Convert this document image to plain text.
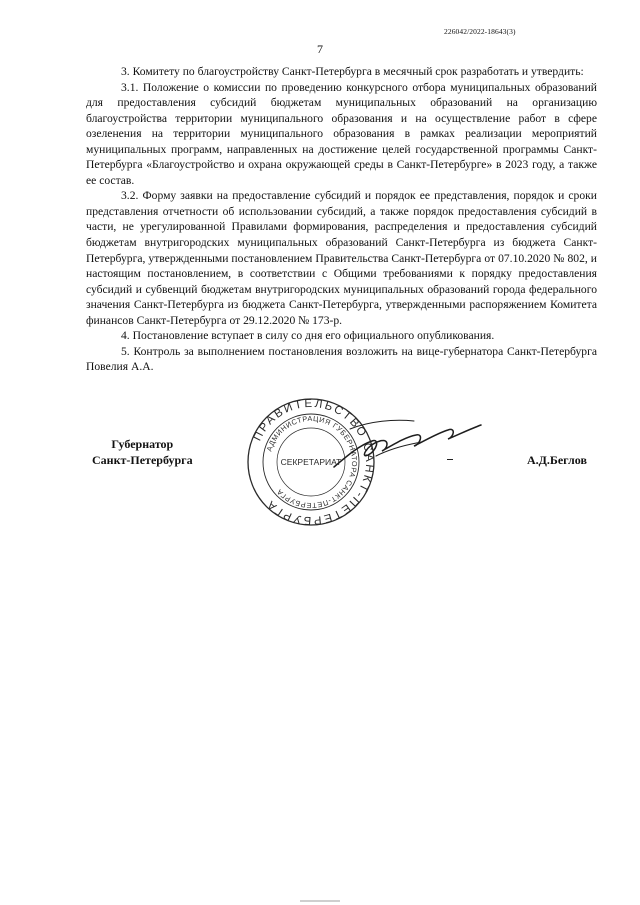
226042/2022-18643(3)
7

3. Комитету по благоустройству Санкт-Петербурга в месячный срок разработать и утвердить:

3.1. Положение о комиссии по проведению конкурсного отбора муниципальных образований для предоставления субсидий бюджетам муниципальных образований на организацию благоустройства территории муниципального образования и на осуществление работ в сфере озеленения на территории муниципального образования в рамках реализации мероприятий муниципальных программ, направленных на достижение целей государственной программы Санкт-Петербурга «Благоустройство и охрана окружающей среды в Санкт-Петербурге» в 2023 году, а также ее состав.

3.2. Форму заявки на предоставление субсидий и порядок ее представления, порядок и сроки представления отчетности об использовании субсидий, а также порядок предоставления субсидий в части, не урегулированной Правилами формирования, распределения и предоставления субсидий бюджетам внутригородских муниципальных образований Санкт-Петербурга из бюджета Санкт-Петербурга, утвержденными постановлением Правительства Санкт-Петербурга от 07.10.2020 № 802, и настоящим постановлением, в соответствии с Общими требованиями к порядку предоставления субсидий и субвенций бюджетам внутригородских муниципальных образований города федерального значения Санкт-Петербурга из бюджета Санкт-Петербурга, утвержденными распоряжением Комитета финансов Санкт-Петербурга от 29.12.2020 № 173-р.

4. Постановление вступает в силу со дня его официального опубликования.

5. Контроль за выполнением постановления возложить на вице-губернатора Санкт-Петербурга Повелия А.А.

Губернатор
Санкт-Петербурга
ПРАВИТЕЛЬСТВО САНКТ-ПЕТЕРБУРГА
АДМИНИСТРАЦИЯ ГУБЕРНАТОРА САНКТ-ПЕТЕРБУРГА
СЕКРЕТАРИАТ	А.Д.Беглов
